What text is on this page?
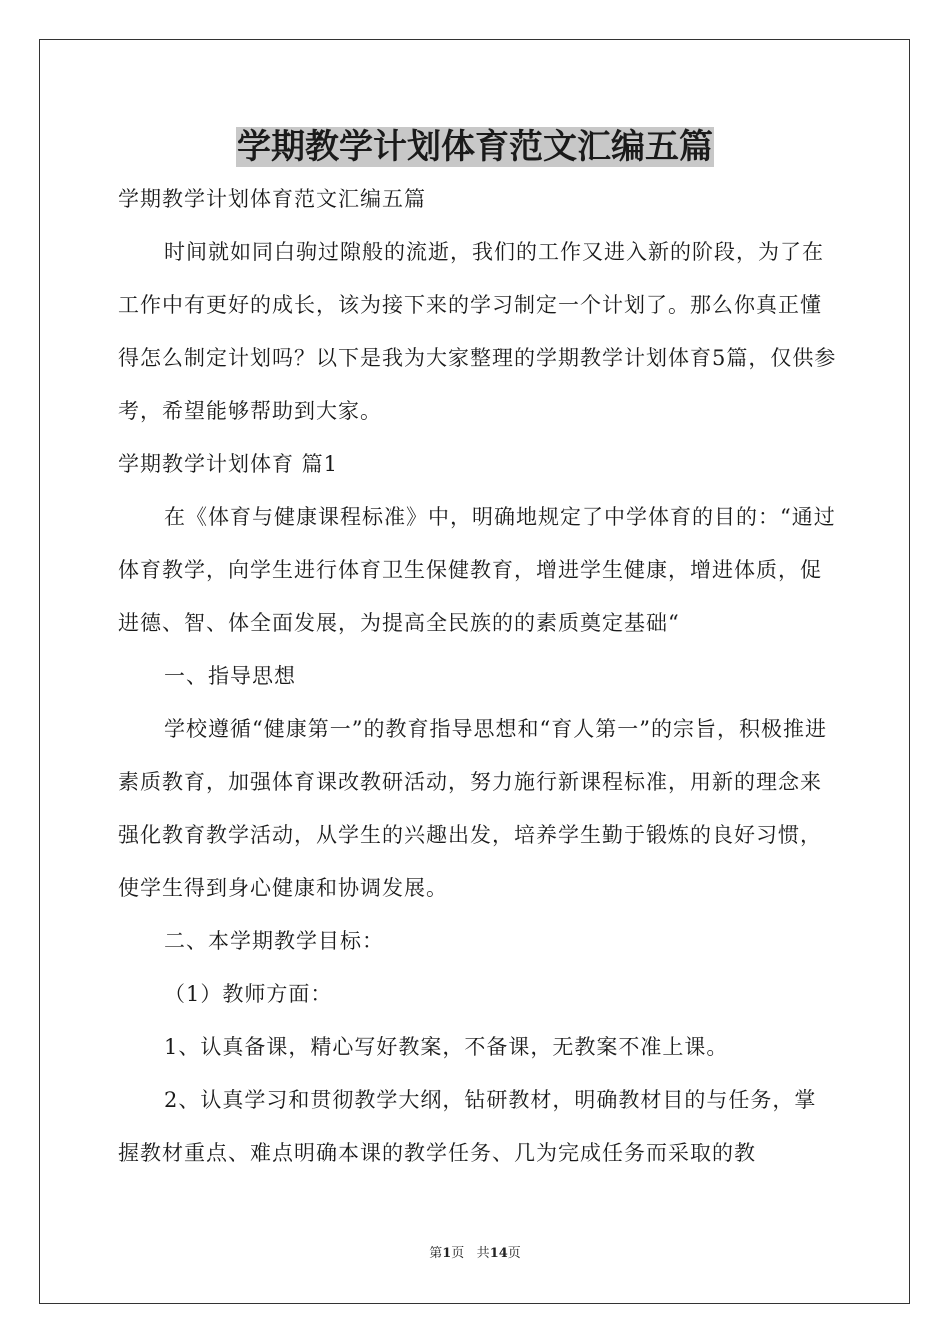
学期教学计划体育范文汇编五篇

学期教学计划体育范文汇编五篇

时间就如同白驹过隙般的流逝，我们的工作又进入新的阶段，为了在工作中有更好的成长，该为接下来的学习制定一个计划了。那么你真正懂得怎么制定计划吗？以下是我为大家整理的学期教学计划体育5篇，仅供参考，希望能够帮助到大家。

学期教学计划体育 篇1

在《体育与健康课程标准》中，明确地规定了中学体育的目的：“通过体育教学，向学生进行体育卫生保健教育，增进学生健康，增进体质，促进德、智、体全面发展，为提高全民族的的素质奠定基础“

一、指导思想

学校遵循“健康第一”的教育指导思想和“育人第一”的宗旨，积极推进素质教育，加强体育课改教研活动，努力施行新课程标准，用新的理念来强化教育教学活动，从学生的兴趣出发，培养学生勤于锻炼的良好习惯，使学生得到身心健康和协调发展。

二、本学期教学目标：

（1）教师方面：

1、认真备课，精心写好教案，不备课，无教案不准上课。

2、认真学习和贯彻教学大纲，钻研教材，明确教材目的与任务，掌握教材重点、难点明确本课的教学任务、几为完成任务而采取的教

第1页 共14页
